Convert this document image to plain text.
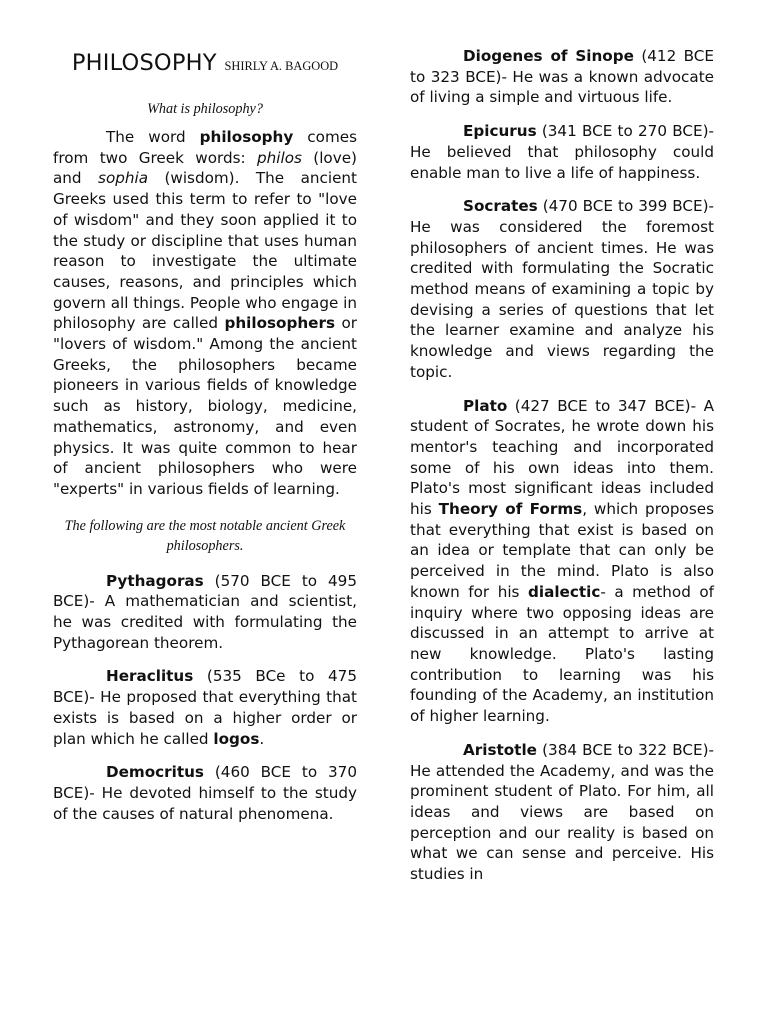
PHILOSOPHY SHIRLY A. BAGOOD
What is philosophy?

The word philosophy comes from two Greek words: philos (love) and sophia (wisdom). The ancient Greeks used this term to refer to "love of wisdom" and they soon applied it to the study or discipline that uses human reason to investigate the ultimate causes, reasons, and principles which govern all things. People who engage in philosophy are called philosophers or "lovers of wisdom." Among the ancient Greeks, the philosophers became pioneers in various fields of knowledge such as history, biology, medicine, mathematics, astronomy, and even physics. It was quite common to hear of ancient philosophers who were "experts" in various fields of learning.

The following are the most notable ancient Greek philosophers.

Pythagoras (570 BCE to 495 BCE)- A mathematician and scientist, he was credited with formulating the Pythagorean theorem.

Heraclitus (535 BCe to 475 BCE)- He proposed that everything that exists is based on a higher order or plan which he called logos.

Democritus (460 BCE to 370 BCE)- He devoted himself to the study of the causes of natural phenomena.

Diogenes of Sinope (412 BCE to 323 BCE)- He was a known advocate of living a simple and virtuous life.

Epicurus (341 BCE to 270 BCE)- He believed that philosophy could enable man to live a life of happiness.

Socrates (470 BCE to 399 BCE)- He was considered the foremost philosophers of ancient times. He was credited with formulating the Socratic method means of examining a topic by devising a series of questions that let the learner examine and analyze his knowledge and views regarding the topic.

Plato (427 BCE to 347 BCE)- A student of Socrates, he wrote down his mentor's teaching and incorporated some of his own ideas into them. Plato's most significant ideas included his Theory of Forms, which proposes that everything that exist is based on an idea or template that can only be perceived in the mind. Plato is also known for his dialectic- a method of inquiry where two opposing ideas are discussed in an attempt to arrive at new knowledge. Plato's lasting contribution to learning was his founding of the Academy, an institution of higher learning.

Aristotle (384 BCE to 322 BCE)- He attended the Academy, and was the prominent student of Plato. For him, all ideas and views are based on perception and our reality is based on what we can sense and perceive. His studies in
